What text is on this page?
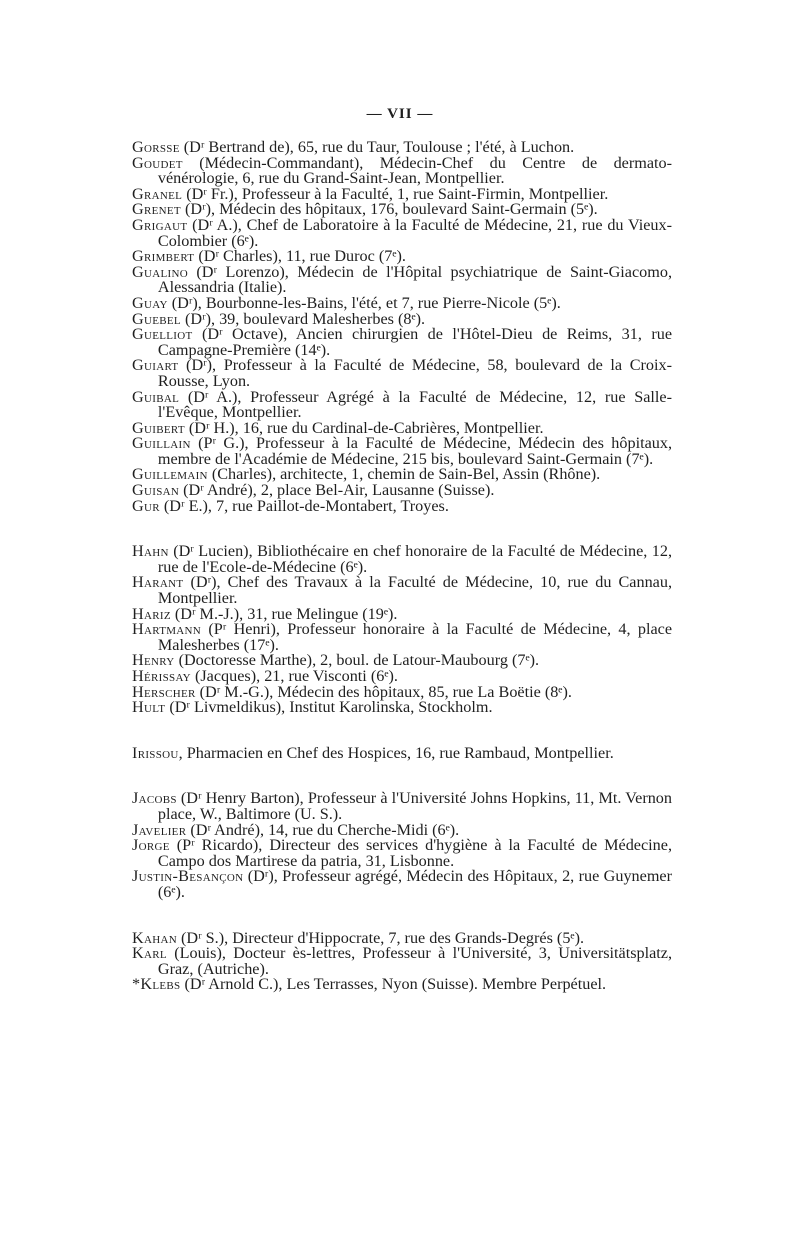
— VII —

Gorsse (Dʳ Bertrand de), 65, rue du Taur, Toulouse ; l'été, à Luchon.

Goudet (Médecin-Commandant), Médecin-Chef du Centre de dermato-vénérologie, 6, rue du Grand-Saint-Jean, Montpellier.

Granel (Dʳ Fr.), Professeur à la Faculté, 1, rue Saint-Firmin, Montpellier.

Grenet (Dʳ), Médecin des hôpitaux, 176, boulevard Saint-Germain (5ᵉ).

Grigaut (Dʳ A.), Chef de Laboratoire à la Faculté de Médecine, 21, rue du Vieux-Colombier (6ᵉ).

Grimbert (Dʳ Charles), 11, rue Duroc (7ᵉ).

Gualino (Dʳ Lorenzo), Médecin de l'Hôpital psychiatrique de Saint-Giacomo, Alessandria (Italie).

Guay (Dʳ), Bourbonne-les-Bains, l'été, et 7, rue Pierre-Nicole (5ᵉ).

Guebel (Dʳ), 39, boulevard Malesherbes (8ᵉ).

Guelliot (Dʳ Octave), Ancien chirurgien de l'Hôtel-Dieu de Reims, 31, rue Campagne-Première (14ᵉ).

Guiart (Dʳ), Professeur à la Faculté de Médecine, 58, boulevard de la Croix-Rousse, Lyon.

Guibal (Dʳ A.), Professeur Agrégé à la Faculté de Médecine, 12, rue Salle-l'Evêque, Montpellier.

Guibert (Dʳ H.), 16, rue du Cardinal-de-Cabrières, Montpellier.

Guillain (Pʳ G.), Professeur à la Faculté de Médecine, Médecin des hôpitaux, membre de l'Académie de Médecine, 215 bis, boulevard Saint-Germain (7ᵉ).

Guillemain (Charles), architecte, 1, chemin de Sain-Bel, Assin (Rhône).

Guisan (Dʳ André), 2, place Bel-Air, Lausanne (Suisse).

Gur (Dʳ E.), 7, rue Paillot-de-Montabert, Troyes.

Hahn (Dʳ Lucien), Bibliothécaire en chef honoraire de la Faculté de Médecine, 12, rue de l'Ecole-de-Médecine (6ᵉ).

Harant (Dʳ), Chef des Travaux à la Faculté de Médecine, 10, rue du Cannau, Montpellier.

Hariz (Dʳ M.-J.), 31, rue Melingue (19ᵉ).

Hartmann (Pʳ Henri), Professeur honoraire à la Faculté de Médecine, 4, place Malesherbes (17ᵉ).

Henry (Doctoresse Marthe), 2, boul. de Latour-Maubourg (7ᵉ).

Hérissay (Jacques), 21, rue Visconti (6ᵉ).

Herscher (Dʳ M.-G.), Médecin des hôpitaux, 85, rue La Boëtie (8ᵉ).

Hult (Dʳ Livmeldikus), Institut Karolinska, Stockholm.

Irissou, Pharmacien en Chef des Hospices, 16, rue Rambaud, Montpellier.

Jacobs (Dʳ Henry Barton), Professeur à l'Université Johns Hopkins, 11, Mt. Vernon place, W., Baltimore (U. S.).

Javelier (Dʳ André), 14, rue du Cherche-Midi (6ᵉ).

Jorge (Pʳ Ricardo), Directeur des services d'hygiène à la Faculté de Médecine, Campo dos Martirese da patria, 31, Lisbonne.

Justin-Besançon (Dʳ), Professeur agrégé, Médecin des Hôpitaux, 2, rue Guynemer (6ᵉ).

Kahan (Dʳ S.), Directeur d'Hippocrate, 7, rue des Grands-Degrés (5ᵉ).

Karl (Louis), Docteur ès-lettres, Professeur à l'Université, 3, Universitätsplatz, Graz, (Autriche).

*Klebs (Dʳ Arnold C.), Les Terrasses, Nyon (Suisse). Membre Perpétuel.
